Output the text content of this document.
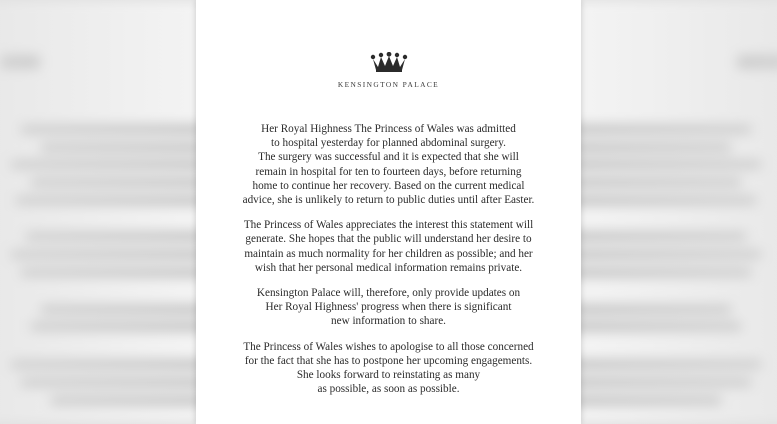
KENSINGTON PALACE

Her Royal Highness The Princess of Wales was admitted
to hospital yesterday for planned abdominal surgery.
The surgery was successful and it is expected that she will
remain in hospital for ten to fourteen days, before returning
home to continue her recovery. Based on the current medical
advice, she is unlikely to return to public duties until after Easter.

The Princess of Wales appreciates the interest this statement will
generate. She hopes that the public will understand her desire to
maintain as much normality for her children as possible; and her
wish that her personal medical information remains private.

Kensington Palace will, therefore, only provide updates on
Her Royal Highness' progress when there is significant
new information to share.

The Princess of Wales wishes to apologise to all those concerned
for the fact that she has to postpone her upcoming engagements.
She looks forward to reinstating as many
as possible, as soon as possible.
